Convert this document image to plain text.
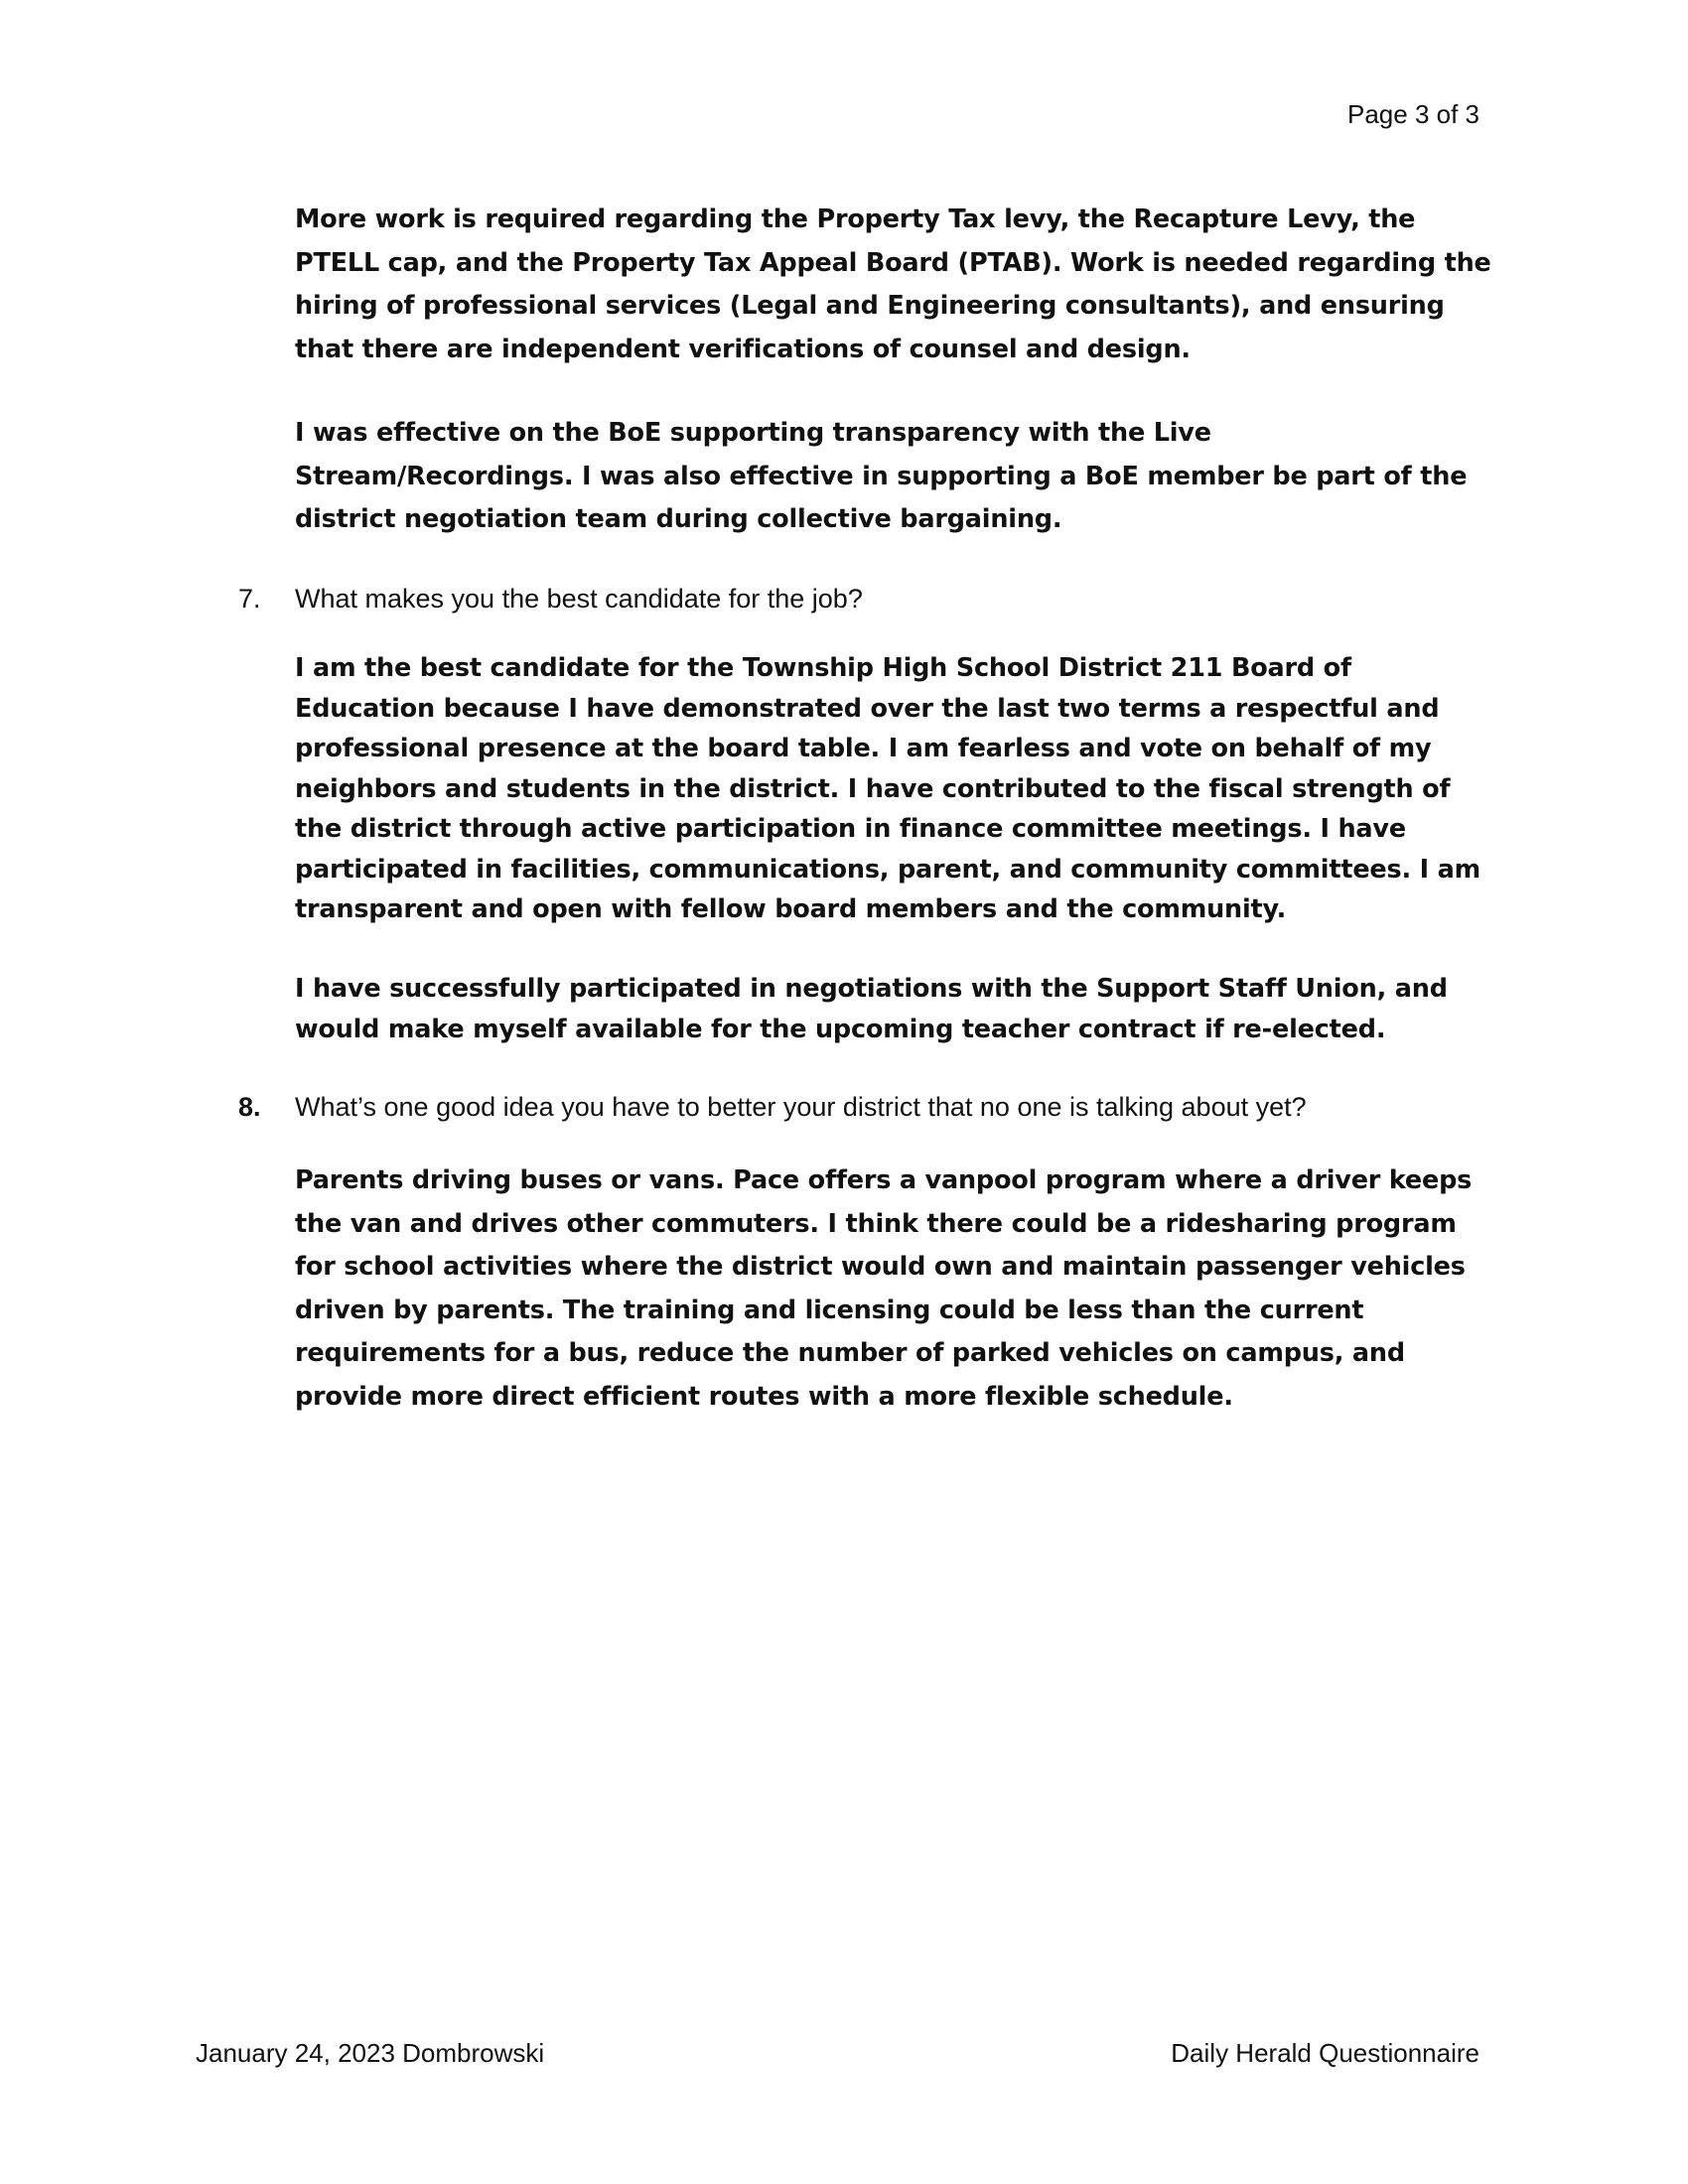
Page 3 of 3

More work is required regarding the Property Tax levy, the Recapture Levy, the PTELL cap, and the Property Tax Appeal Board (PTAB). Work is needed regarding the hiring of professional services (Legal and Engineering consultants), and ensuring that there are independent verifications of counsel and design.

I was effective on the BoE supporting transparency with the Live Stream/Recordings. I was also effective in supporting a BoE member be part of the district negotiation team during collective bargaining.

7. What makes you the best candidate for the job?

I am the best candidate for the Township High School District 211 Board of Education because I have demonstrated over the last two terms a respectful and professional presence at the board table. I am fearless and vote on behalf of my neighbors and students in the district. I have contributed to the fiscal strength of the district through active participation in finance committee meetings. I have participated in facilities, communications, parent, and community committees. I am transparent and open with fellow board members and the community.

I have successfully participated in negotiations with the Support Staff Union, and would make myself available for the upcoming teacher contract if re-elected.

8. What’s one good idea you have to better your district that no one is talking about yet?

Parents driving buses or vans. Pace offers a vanpool program where a driver keeps the van and drives other commuters. I think there could be a ridesharing program for school activities where the district would own and maintain passenger vehicles driven by parents. The training and licensing could be less than the current requirements for a bus, reduce the number of parked vehicles on campus, and provide more direct efficient routes with a more flexible schedule.

January 24, 2023 Dombrowski	Daily Herald Questionnaire
